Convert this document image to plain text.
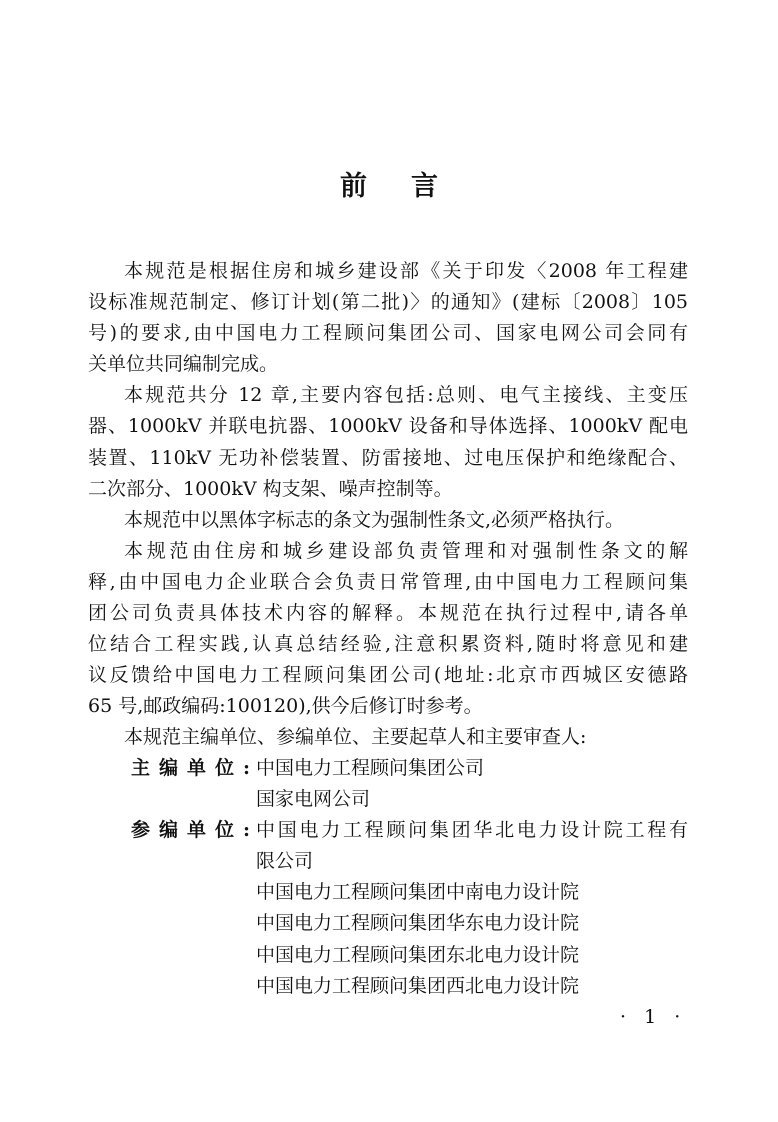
前 言
本规范是根据住房和城乡建设部《关于印发〈2008 年工程建
设标准规范制定、修订计划(第二批)〉的通知》(建标〔2008〕105
号)的要求,由中国电力工程顾问集团公司、国家电网公司会同有
关单位共同编制完成。
本规范共分 12 章,主要内容包括:总则、电气主接线、主变压
器、1000kV 并联电抗器、1000kV 设备和导体选择、1000kV 配电
装置、110kV 无功补偿装置、防雷接地、过电压保护和绝缘配合、
二次部分、1000kV 构支架、噪声控制等。
本规范中以黑体字标志的条文为强制性条文,必须严格执行。
本规范由住房和城乡建设部负责管理和对强制性条文的解
释,由中国电力企业联合会负责日常管理,由中国电力工程顾问集
团公司负责具体技术内容的解释。本规范在执行过程中,请各单
位结合工程实践,认真总结经验,注意积累资料,随时将意见和建
议反馈给中国电力工程顾问集团公司(地址:北京市西城区安德路
65 号,邮政编码:100120),供今后修订时参考。
本规范主编单位、参编单位、主要起草人和主要审查人:
主编单位:
中国电力工程顾问集团公司
国家电网公司
参编单位:
中国电力工程顾问集团华北电力设计院工程有
限公司
中国电力工程顾问集团中南电力设计院
中国电力工程顾问集团华东电力设计院
中国电力工程顾问集团东北电力设计院
中国电力工程顾问集团西北电力设计院
· 1 ·
